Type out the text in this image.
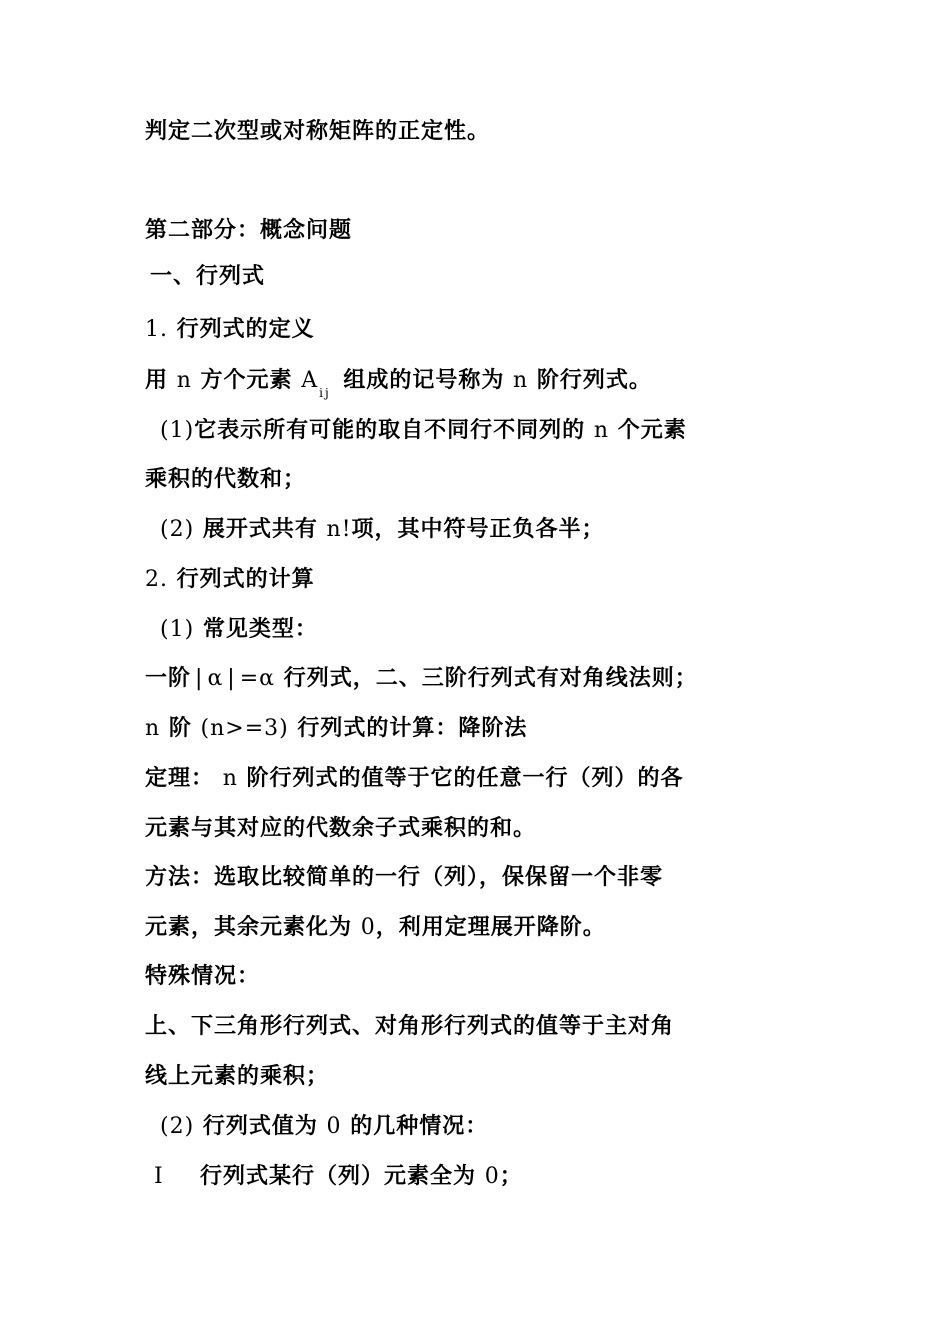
判定二次型或对称矩阵的正定性。
第二部分：概念问题
一、行列式
1. 行列式的定义
用 n 方个元素 $A_{ij}$ 组成的记号称为 n 阶行列式。
(1)它表示所有可能的取自不同行不同列的 n 个元素
乘积的代数和；
(2) 展开式共有 n!项，其中符号正负各半；
2. 行列式的计算
(1) 常见类型：
一阶 | α | =α 行列式，二、三阶行列式有对角线法则；
n 阶 (n>=3) 行列式的计算：降阶法
定理： n 阶行列式的值等于它的任意一行（列）的各
元素与其对应的代数余子式乘积的和。
方法：选取比较简单的一行（列），保保留一个非零
元素，其余元素化为 0，利用定理展开降阶。
特殊情况：
上、下三角形行列式、对角形行列式的值等于主对角
线上元素的乘积；
(2) 行列式值为 0 的几种情况：
Ⅰ 行列式某行（列）元素全为 0；
